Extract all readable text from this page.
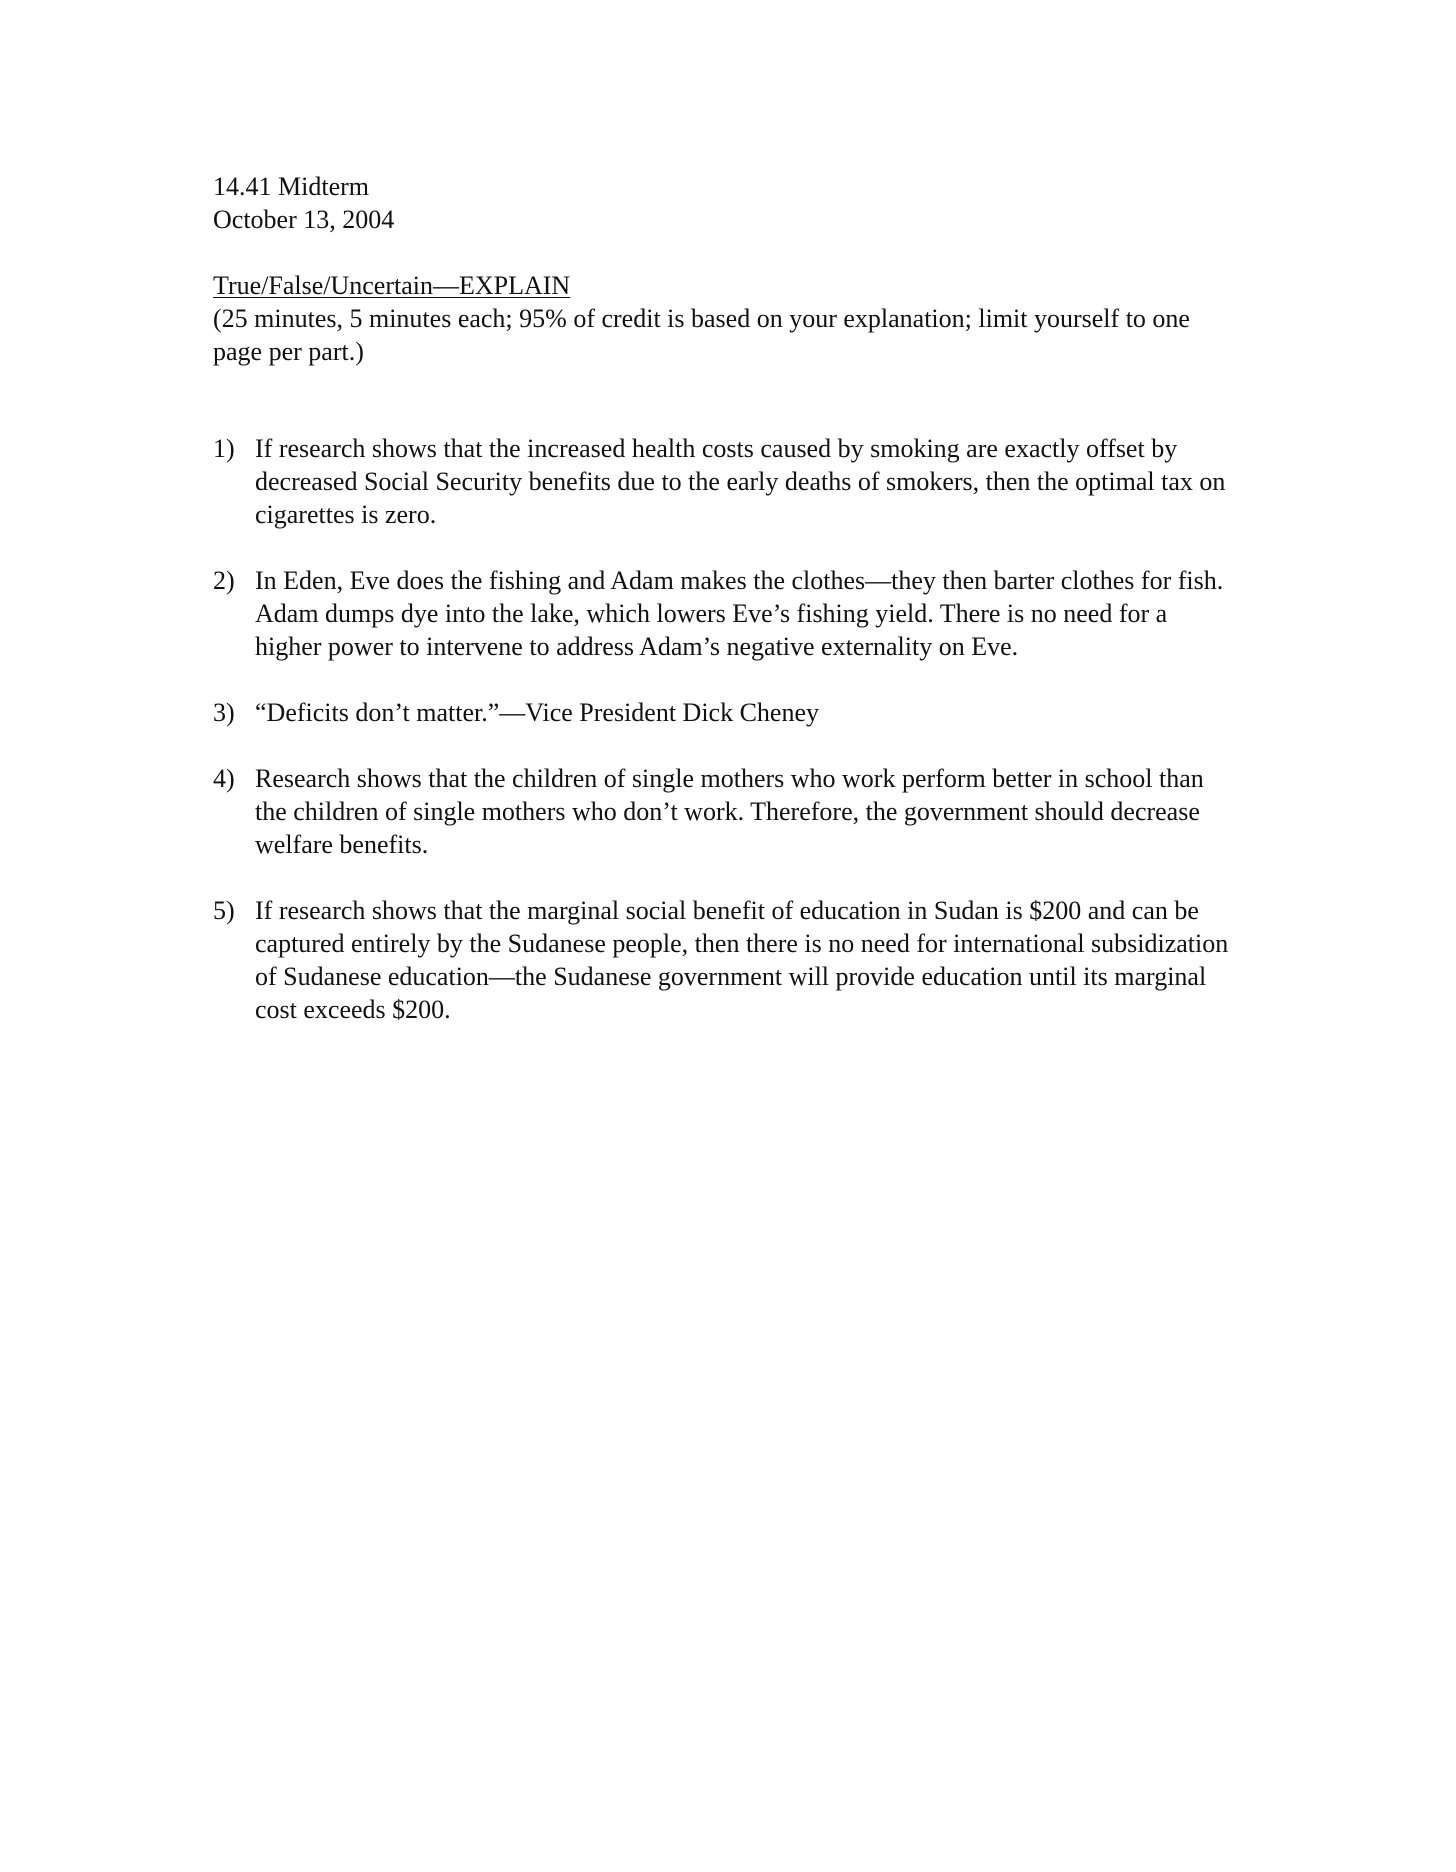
14.41 Midterm
October 13, 2004
True/False/Uncertain—EXPLAIN
(25 minutes, 5 minutes each; 95% of credit is based on your explanation; limit yourself to one page per part.)
1) If research shows that the increased health costs caused by smoking are exactly offset by decreased Social Security benefits due to the early deaths of smokers, then the optimal tax on cigarettes is zero.
2) In Eden, Eve does the fishing and Adam makes the clothes—they then barter clothes for fish. Adam dumps dye into the lake, which lowers Eve’s fishing yield. There is no need for a higher power to intervene to address Adam’s negative externality on Eve.
3) “Deficits don’t matter.”—Vice President Dick Cheney
4) Research shows that the children of single mothers who work perform better in school than the children of single mothers who don’t work. Therefore, the government should decrease welfare benefits.
5) If research shows that the marginal social benefit of education in Sudan is $200 and can be captured entirely by the Sudanese people, then there is no need for international subsidization of Sudanese education—the Sudanese government will provide education until its marginal cost exceeds $200.
